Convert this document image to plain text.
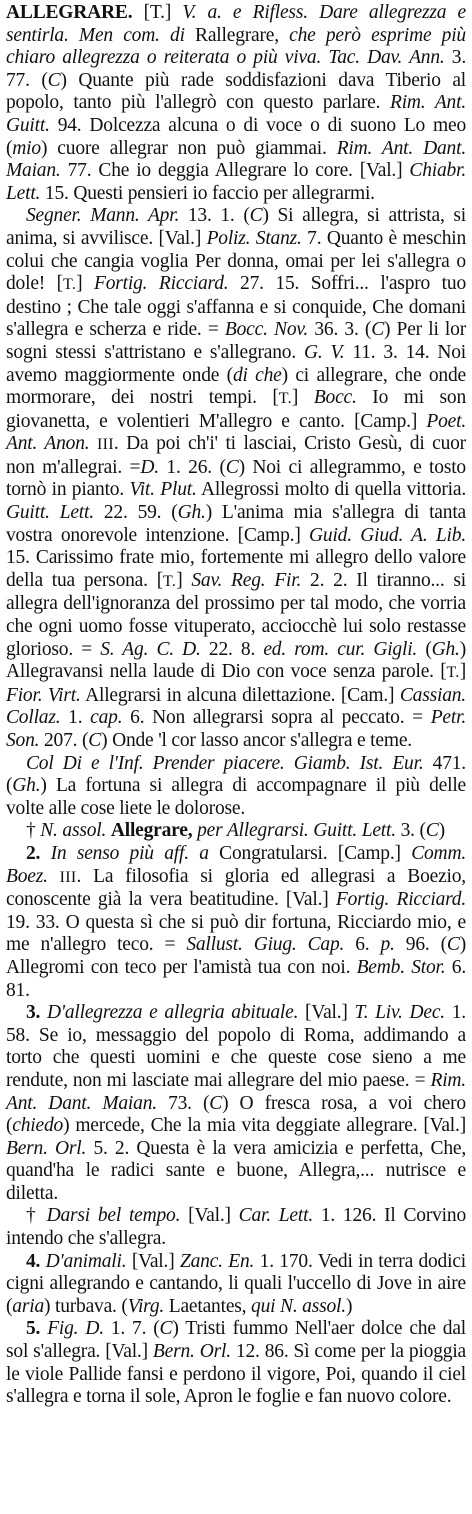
ALLEGRARE. [T.] V. a. e Rifless. Dare allegrezza e sentirla. Men com. di Rallegrare, che però esprime più chiaro allegrezza o reiterata o più viva. Tac. Dav. Ann. 3. 77. (C) Quante più rade soddisfazioni dava Tiberio al popolo, tanto più l'allegrò con questo parlare. Rim. Ant. Guitt. 94. Dolcezza alcuna o di voce o di suono Lo meo (mio) cuore allegrar non può giammai. Rim. Ant. Dant. Maian. 77. Che io deggia Allegrare lo core. [Val.] Chiabr. Lett. 15. Questi pensieri io faccio per allegrarmi.

Segner. Mann. Apr. 13. 1. (C) Si allegra, si attrista, si anima, si avvilisce. [Val.] Poliz. Stanz. 7. Quanto è meschin colui che cangia voglia Per donna, omai per lei s'allegra o dole! [T.] Fortig. Ricciard. 27. 15. Soffri... l'aspro tuo destino ; Che tale oggi s'affanna e si conquide, Che domani s'allegra e scherza e ride. = Bocc. Nov. 36. 3. (C) Per li lor sogni stessi s'attristano e s'allegrano. G. V. 11. 3. 14. Noi avemo maggiormente onde (di che) ci allegrare, che onde mormorare, dei nostri tempi. [T.] Bocc. Io mi son giovanetta, e volentieri M'allegro e canto. [Camp.] Poet. Ant. Anon. III. Da poi ch'i' ti lasciai, Cristo Gesù, di cuor non m'allegrai. =D. 1. 26. (C) Noi ci allegrammo, e tosto tornò in pianto. Vit. Plut. Allegrossi molto di quella vittoria. Guitt. Lett. 22. 59. (Gh.) L'anima mia s'allegra di tanta vostra onorevole intenzione. [Camp.] Guid. Giud. A. Lib. 15. Carissimo frate mio, fortemente mi allegro dello valore della tua persona. [T.] Sav. Reg. Fir. 2. 2. Il tiranno... si allegra dell'ignoranza del prossimo per tal modo, che vorria che ogni uomo fosse vituperato, acciocchè lui solo restasse glorioso. = S. Ag. C. D. 22. 8. ed. rom. cur. Gigli. (Gh.) Allegravansi nella laude di Dio con voce senza parole. [T.] Fior. Virt. Allegrarsi in alcuna dilettazione. [Cam.] Cassian. Collaz. 1. cap. 6. Non allegrarsi sopra al peccato. = Petr. Son. 207. (C) Onde 'l cor lasso ancor s'allegra e teme.

Col Di e l'Inf. Prender piacere. Giamb. Ist. Eur. 471. (Gh.) La fortuna si allegra di accompagnare il più delle volte alle cose liete le dolorose.

† N. assol. Allegrare, per Allegrarsi. Guitt. Lett. 3. (C)

2. In senso più aff. a Congratularsi. [Camp.] Comm. Boez. III. La filosofia si gloria ed allegrasi a Boezio, conoscente già la vera beatitudine. [Val.] Fortig. Ricciard. 19. 33. O questa sì che si può dir fortuna, Ricciardo mio, e me n'allegro teco. = Sallust. Giug. Cap. 6. p. 96. (C) Allegromi con teco per l'amistà tua con noi. Bemb. Stor. 6. 81.

3. D'allegrezza e allegria abituale. [Val.] T. Liv. Dec. 1. 58. Se io, messaggio del popolo di Roma, addimando a torto che questi uomini e che queste cose sieno a me rendute, non mi lasciate mai allegrare del mio paese. = Rim. Ant. Dant. Maian. 73. (C) O fresca rosa, a voi chero (chiedo) mercede, Che la mia vita deggiate allegrare. [Val.] Bern. Orl. 5. 2. Questa è la vera amicizia e perfetta, Che, quand'ha le radici sante e buone, Allegra,... nutrisce e diletta.

† Darsi bel tempo. [Val.] Car. Lett. 1. 126. Il Corvino intendo che s'allegra.

4. D'animali. [Val.] Zanc. En. 1. 170. Vedi in terra dodici cigni allegrando e cantando, li quali l'uccello di Jove in aire (aria) turbava. (Virg. Laetantes, qui N. assol.)

5. Fig. D. 1. 7. (C) Tristi fummo Nell'aer dolce che dal sol s'allegra. [Val.] Bern. Orl. 12. 86. Sì come per la pioggia le viole Pallide fansi e perdono il vigore, Poi, quando il ciel s'allegra e torna il sole, Apron le foglie e fan nuovo colore.
